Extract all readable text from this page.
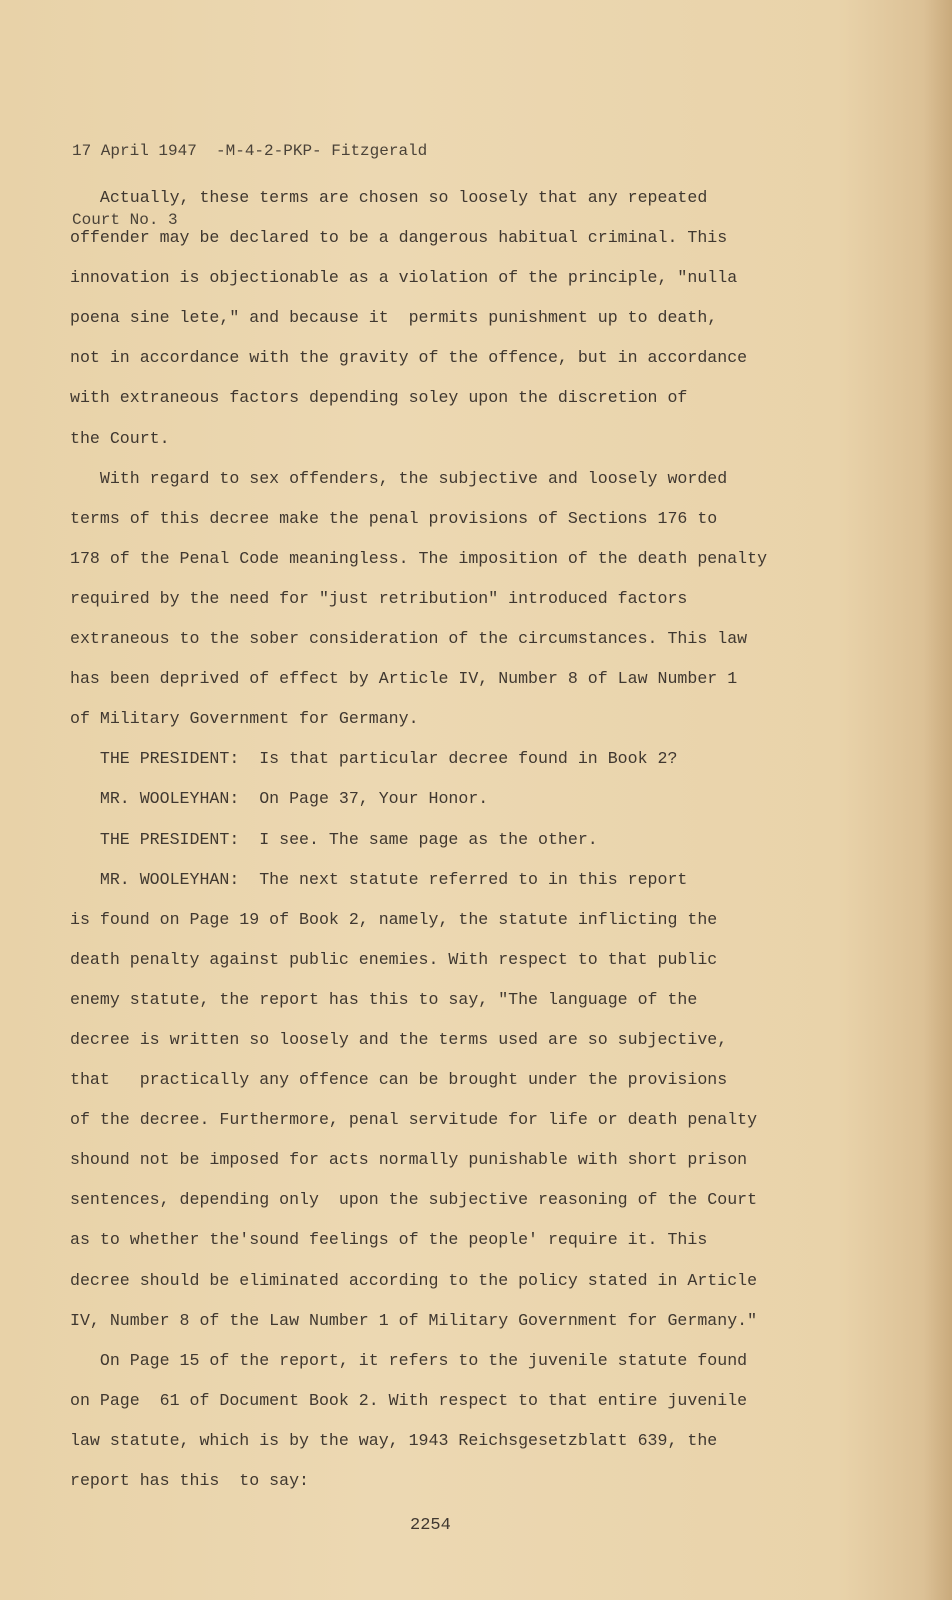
17 April 1947  -M-4-2-PKP- Fitzgerald

Court No. 3

Actually, these terms are chosen so loosely that any repeated
offender may be declared to be a dangerous habitual criminal. This
innovation is objectionable as a violation of the principle, "nulla
poena sine lete," and because it  permits punishment up to death,
not in accordance with the gravity of the offence, but in accordance
with extraneous factors depending soley upon the discretion of
the Court.
With regard to sex offenders, the subjective and loosely worded
terms of this decree make the penal provisions of Sections 176 to
178 of the Penal Code meaningless. The imposition of the death penalty
required by the need for "just retribution" introduced factors
extraneous to the sober consideration of the circumstances. This law
has been deprived of effect by Article IV, Number 8 of Law Number 1
of Military Government for Germany.
THE PRESIDENT:  Is that particular decree found in Book 2?
MR. WOOLEYHAN:  On Page 37, Your Honor.
THE PRESIDENT:  I see. The same page as the other.
MR. WOOLEYHAN:  The next statute referred to in this report
is found on Page 19 of Book 2, namely, the statute inflicting the
death penalty against public enemies. With respect to that public
enemy statute, the report has this to say, "The language of the
decree is written so loosely and the terms used are so subjective,
that   practically any offence can be brought under the provisions
of the decree. Furthermore, penal servitude for life or death penalty
shound not be imposed for acts normally punishable with short prison
sentences, depending only  upon the subjective reasoning of the Court
as to whether the'sound feelings of the people' require it. This
decree should be eliminated according to the policy stated in Article
IV, Number 8 of the Law Number 1 of Military Government for Germany."
On Page 15 of the report, it refers to the juvenile statute found
on Page  61 of Document Book 2. With respect to that entire juvenile
law statute, which is by the way, 1943 Reichsgesetzblatt 639, the
report has this  to say:
2254
